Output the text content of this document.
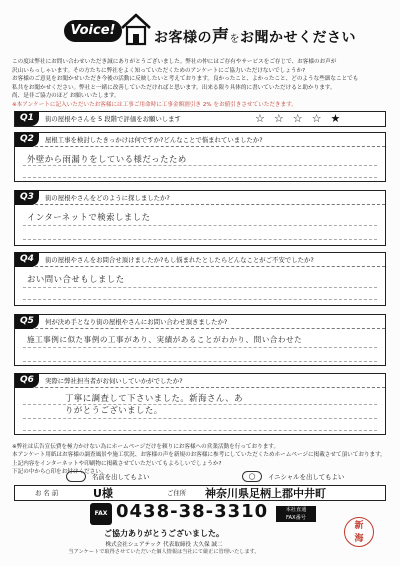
Voice!	お客様の声をお聞かせください
この度は弊社にお問い合わせいただき誠にありがとうございました。弊社の仲にはご存有やサービスをご存じで、お客様のお声が
沢山いらっしゃいます。その方たちに弊社をよく知っていただくためのアンケートにご協力いただけないでしょうか?
お客様のご意見をお聞かせいただき今後の活動に反映したいと考えております。良かったこと、よかったこと、どのような些細なことでも
私共をお聞かせください。弊社と一緒に改善していただければと思います。出来る限り具体的に書いていただけると助かります。
尚、是非ご協力のほど お願いいたします。
※本アンケートに記入いただいたお客様には工事ご用命時に工事金額割引き 2% をお値引きさせていただきます。
Q1	街の屋根やさんを 5 段階で評価をお願いします	☆☆☆☆★
Q2	屋根工事を検討したきっかけは何ですか?どんなことで悩まれていましたか?
外壁から雨漏りをしている様だったため
Q3	街の屋根やさんをどのように探しましたか?
インターネットで検索しました
Q4	街の屋根やさんをお問合せ頂けましたか?もし悩まれたとしたらどんなことがご不安でしたか?
おい問い合せもしました
Q5	何が決め手となり街の屋根やさんにお問い合わせ頂きましたか?
施工事例に似た事例の工事があり、実績があることがわかり、問い合わせた
Q6	実際に弊社担当者がお伺いしていかがでしたか?
丁寧に調査して下さいました。新海さん、ありがとうございました。
※弊社は広告宣伝費を極力かけない為にホームページだけを頼りにお客様への営業活動を行っております。
本アンケート用紙はお客様の調査風景や施工状況、お客様の声を新規のお客様に参考にしていただくためホームページに掲載させて頂いております。
上記内容をインターネットや印刷物に掲載させていただいてもよろしいでしょうか?
下記の中から○印をお付けください。
名前を出してもよい	◯	イニシャルを出してもよい
お 名 前	U様	ご住所 神奈川県足柄上郡中井町
FAX 0438-38-3310	本社直通
FAX番号
ご協力ありがとうございました。
株式会社シェアテック 代表取締役 大久保 誠二
当アンケートで取得させていただいた個人情報は当社にて厳正に管理いたします。
新
海
